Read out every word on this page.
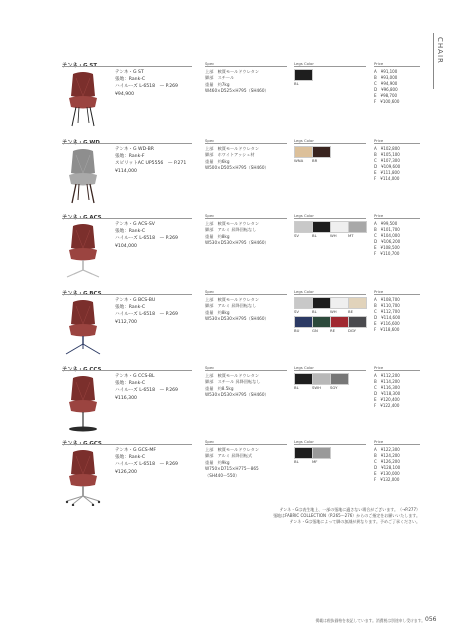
CHAIR
テンネ・G ST	Spec	Legs Color	Price
テンネ・G ST
張地：Rank-C
ハイルーズ L-6518　— P.269
¥94,900
上部　軟質モールドウレタン
脚部　スチール
重量　約7kg
W460×D525×H795（SH460）
BL
A　¥91,100
B　¥93,000
C　¥94,900
D　¥96,800
E　¥98,700
F　¥100,600
テンネ・G WD	Spec	Legs Color	Price
テンネ・G WD-BR
張地：Rank-F
スピリットAC UP5556　— P.271
¥114,000
上部　軟質モールドウレタン
脚部　ホワイトアッシュ材
重量　約6kg
W500×D505×H795（SH460）
WNA BR
A　¥102,800
B　¥105,100
C　¥107,300
D　¥109,600
E　¥111,800
F　¥114,000
テンネ・G ACS	Spec	Legs Color	Price
テンネ・G ACS-SV
張地：Rank-C
ハイルーズ L-6518　— P.269
¥104,000
上部　軟質モールドウレタン
脚部　アルミ 昇降回転なし
重量　約8kg
W530×D530×H795（SH460）
SV	BL	WH	MT
A　¥99,500
B　¥101,700
C　¥104,000
D　¥106,200
E　¥108,500
F　¥110,700
テンネ・G BCS	Spec	Legs Color	Price
テンネ・G BCS-BU
張地：Rank-C
ハイルーズ L-6518　— P.269
¥112,700
上部　軟質モールドウレタン
脚部　アルミ 昇降回転なし
重量　約8kg
W530×D530×H795（SH460）
SV	BL	WH	BE
BU	GN	RE	DGY
A　¥108,700
B　¥110,700
C　¥112,700
D　¥114,600
E　¥116,600
F　¥118,600
テンネ・G CCS	Spec	Legs Color	Price
テンネ・G CCS-BL
張地：Rank-C
ハイルーズ L-6518　— P.269
¥116,300
上部　軟質モールドウレタン
脚部　スチール 昇降回転なし
重量　約8.5kg
W530×D530×H795（SH460）
BL	SWH SGY
A　¥112,200
B　¥114,200
C　¥116,300
D　¥118,300
E　¥120,400
F　¥122,400
テンネ・G GCS	Spec	Legs Color	Price
テンネ・G GCS-MF
張地：Rank-C
ハイルーズ L-6518　— P.269
¥126,200
上部　軟質モールドウレタン
脚部　アルミ 昇降回転式
重量　約9kg
W750×D715×H775～865
（SH440～550）
BL	MF
A　¥122,300
B　¥124,200
C　¥126,200
D　¥128,100
E　¥130,000
F　¥132,000
テンネ・Gは表生地上、一部の張地に適さない場合がございます。（→P.277）
張地はFABRIC COLLECTION（P.265～276）からのご指定をお願いいたします。
テンネ・Gは張地によって脚の加減が異なります。予めご了承ください。
掲載は税抜価格を表記しています。消費税は別途申し受けます。 056
